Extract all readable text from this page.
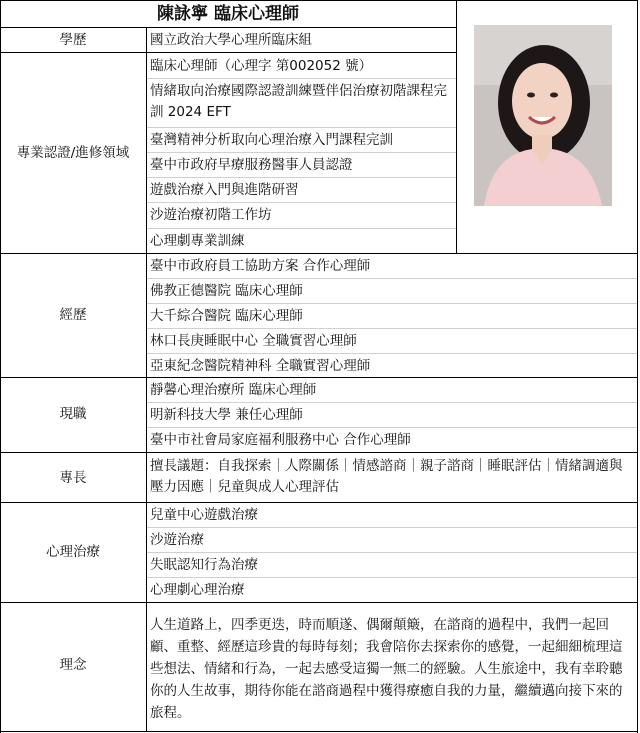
陳詠寧 臨床心理師
學歷	國立政治大學心理所臨床組
專業認證/進修領域
臨床心理師（心理字 第002052 號）
情緒取向治療國際認證訓練暨伴侶治療初階課程完訓 2024 EFT
臺灣精神分析取向心理治療入門課程完訓
臺中市政府早療服務醫事人員認證
遊戲治療入門與進階研習
沙遊治療初階工作坊
心理劇專業訓練
經歷
臺中市政府員工協助方案 合作心理師
佛教正德醫院 臨床心理師
大千綜合醫院 臨床心理師
林口長庚睡眠中心 全職實習心理師
亞東紀念醫院精神科 全職實習心理師
現職
靜馨心理治療所 臨床心理師
明新科技大學 兼任心理師
臺中市社會局家庭福利服務中心 合作心理師
專長
擅長議題：自我探索｜人際關係｜情感諮商｜親子諮商｜睡眠評估｜情緒調適與壓力因應｜兒童與成人心理評估
心理治療
兒童中心遊戲治療
沙遊治療
失眠認知行為治療
心理劇心理治療
理念
人生道路上，四季更迭，時而順遂、偶爾顛簸，在諮商的過程中，我們一起回顧、重整、經歷這珍貴的每時每刻；我會陪你去探索你的感覺，一起細細梳理這些想法、情緒和行為，一起去感受這獨一無二的經驗。人生旅途中，我有幸聆聽你的人生故事，期待你能在諮商過程中獲得療癒自我的力量，繼續邁向接下來的旅程。
